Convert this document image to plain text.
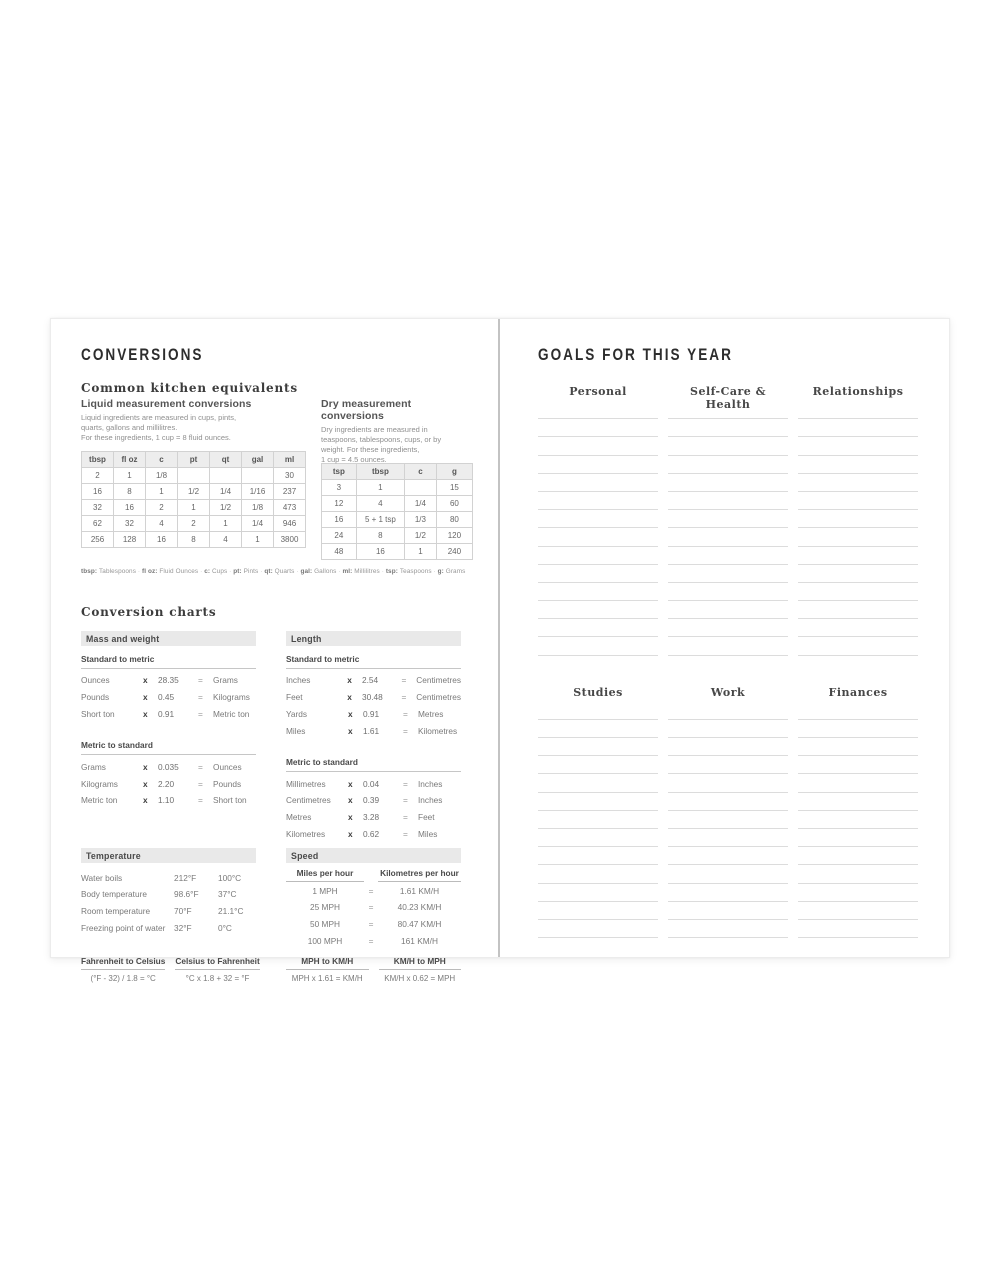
CONVERSIONS
Common kitchen equivalents
Liquid measurement conversions
Liquid ingredients are measured in cups, pints,
quarts, gallons and millilitres.
For these ingredients, 1 cup = 8 fluid ounces.
tbsp	fl oz	c	pt	qt	gal	ml
2	1	1/8				30
16	8	1	1/2	1/4	1/16	237
32	16	2	1	1/2	1/8	473
62	32	4	2	1	1/4	946
256	128	16	8	4	1	3800
Dry measurement conversions
Dry ingredients are measured in
teaspoons, tablespoons, cups, or by
weight. For these ingredients,
1 cup = 4.5 ounces.
tsp	tbsp	c	g
3	1		15
12	4	1/4	60
16	5 + 1 tsp	1/3	80
24	8	1/2	120
48	16	1	240
tbsp : Tablespoons · fl oz : Fluid Ounces · c : Cups · pt : Pints · qt : Quarts · gal : Gallons · ml : Millilitres · tsp : Teaspoons · g : Grams
Conversion charts
Mass and weight
Standard to metric
Ounces	x	28.35	=	Grams
Pounds	x	0.45	=	Kilograms
Short ton	x	0.91	=	Metric ton
Metric to standard
Grams	x	0.035	=	Ounces
Kilograms	x	2.20	=	Pounds
Metric ton	x	1.10	=	Short ton
Length
Standard to metric
Inches	x	2.54	=	Centimetres
Feet	x	30.48	=	Centimetres
Yards	x	0.91	=	Metres
Miles	x	1.61	=	Kilometres
Metric to standard
Millimetres	x	0.04	=	Inches
Centimetres	x	0.39	=	Inches
Metres	x	3.28	=	Feet
Kilometres	x	0.62	=	Miles
Temperature
Water boils	212°F	100°C
Body temperature	98.6°F	37°C
Room temperature	70°F	21.1°C
Freezing point of water	32°F	0°C
Fahrenheit to Celsius
(°F - 32) / 1.8 = °C
Celsius to Fahrenheit
°C x 1.8 + 32 = °F
Speed
Miles per hour	Kilometres per hour
1 MPH	=	1.61 KM/H
25 MPH	=	40.23 KM/H
50 MPH	=	80.47 KM/H
100 MPH	=	161 KM/H
MPH to KM/H
MPH x 1.61 = KM/H
KM/H to MPH
KM/H x 0.62 = MPH
GOALS FOR THIS YEAR
Personal	Self-Care & Health
Relationships
Studies	Work	Finances
